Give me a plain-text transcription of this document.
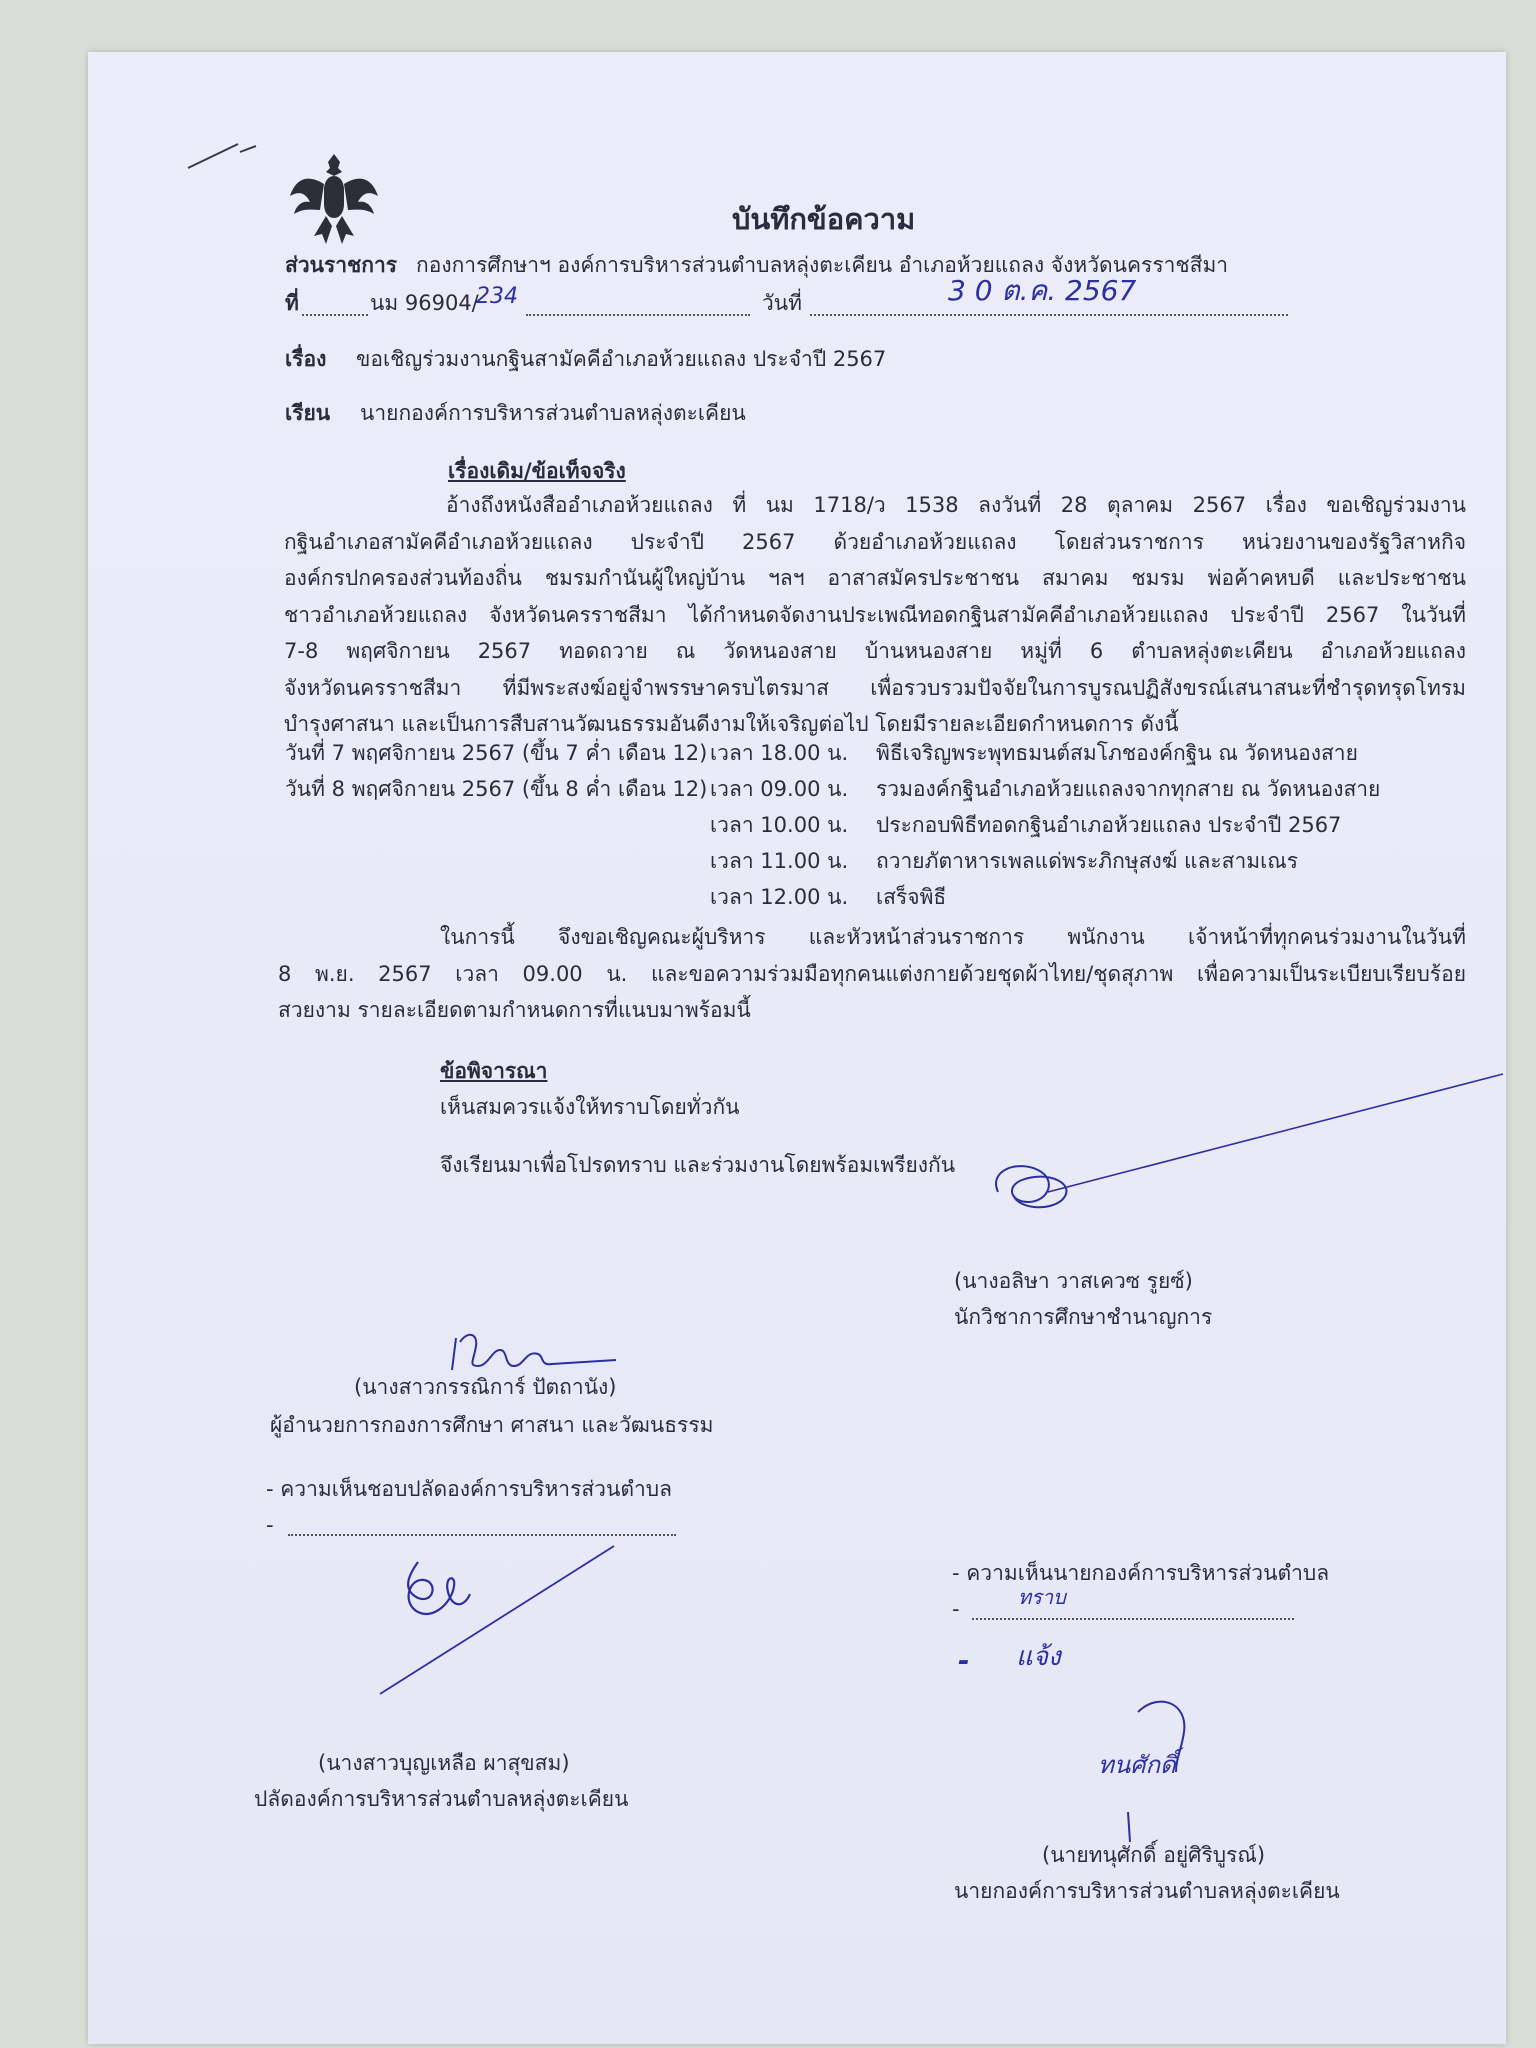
บันทึกข้อความ
ส่วนราชการ กองการศึกษาฯ องค์การบริหารส่วนตำบลหลุ่งตะเคียน อำเภอห้วยแถลง จังหวัดนครราชสีมา
ที่	นม 96904/
234	วันที่	3 0 ต.ค. 2567
เรื่อง ขอเชิญร่วมงานกฐินสามัคคีอำเภอห้วยแถลง ประจำปี 2567
เรียน นายกองค์การบริหารส่วนตำบลหลุ่งตะเคียน
เรื่องเดิม/ข้อเท็จจริง
อ้างถึงหนังสืออำเภอห้วยแถลง ที่ นม 1718/ว 1538 ลงวันที่ 28 ตุลาคม 2567 เรื่อง ขอเชิญร่วมงาน
กฐินอำเภอสามัคคีอำเภอห้วยแถลง ประจำปี 2567 ด้วยอำเภอห้วยแถลง โดยส่วนราชการ หน่วยงานของรัฐวิสาหกิจ
องค์กรปกครองส่วนท้องถิ่น ชมรมกำนันผู้ใหญ่บ้าน ฯลฯ อาสาสมัครประชาชน สมาคม ชมรม พ่อค้าคหบดี และประชาชน
ชาวอำเภอห้วยแถลง จังหวัดนครราชสีมา ได้กำหนดจัดงานประเพณีทอดกฐินสามัคคีอำเภอห้วยแถลง ประจำปี 2567 ในวันที่
7-8 พฤศจิกายน 2567 ทอดถวาย ณ วัดหนองสาย บ้านหนองสาย หมู่ที่ 6 ตำบลหลุ่งตะเคียน อำเภอห้วยแถลง
จังหวัดนครราชสีมา ที่มีพระสงฆ์อยู่จำพรรษาครบไตรมาส เพื่อรวบรวมปัจจัยในการบูรณปฏิสังขรณ์เสนาสนะที่ชำรุดทรุดโทรม
บำรุงศาสนา และเป็นการสืบสานวัฒนธรรมอันดีงามให้เจริญต่อไป โดยมีรายละเอียดกำหนดการ ดังนี้
วันที่ 7 พฤศจิกายน 2567 (ขึ้น 7 ค่ำ เดือน 12) เวลา 18.00 น. พิธีเจริญพระพุทธมนต์สมโภชองค์กฐิน ณ วัดหนองสาย
วันที่ 8 พฤศจิกายน 2567 (ขึ้น 8 ค่ำ เดือน 12) เวลา 09.00 น. รวมองค์กฐินอำเภอห้วยแถลงจากทุกสาย ณ วัดหนองสาย
เวลา 10.00 น. ประกอบพิธีทอดกฐินอำเภอห้วยแถลง ประจำปี 2567
เวลา 11.00 น. ถวายภัตาหารเพลแด่พระภิกษุสงฆ์ และสามเณร
เวลา 12.00 น. เสร็จพิธี
ในการนี้ จึงขอเชิญคณะผู้บริหาร และหัวหน้าส่วนราชการ พนักงาน เจ้าหน้าที่ทุกคนร่วมงานในวันที่
8 พ.ย. 2567 เวลา 09.00 น. และขอความร่วมมือทุกคนแต่งกายด้วยชุดผ้าไทย/ชุดสุภาพ เพื่อความเป็นระเบียบเรียบร้อย
สวยงาม รายละเอียดตามกำหนดการที่แนบมาพร้อมนี้
ข้อพิจารณา
เห็นสมควรแจ้งให้ทราบโดยทั่วกัน
จึงเรียนมาเพื่อโปรดทราบ และร่วมงานโดยพร้อมเพรียงกัน
(นางอลิษา วาสเควซ รูยซ์)
นักวิชาการศึกษาชำนาญการ
(นางสาวกรรณิการ์ ปัตถานัง)
ผู้อำนวยการกองการศึกษา ศาสนา และวัฒนธรรม
- ความเห็นชอบปลัดองค์การบริหารส่วนตำบล
-
(นางสาวบุญเหลือ ผาสุขสม)
ปลัดองค์การบริหารส่วนตำบลหลุ่งตะเคียน
- ความเห็นนายกองค์การบริหารส่วนตำบล
-	ทราบ
- แจ้ง
ทนศักดิ์
(นายทนุศักดิ์ อยู่ศิริบูรณ์)
นายกองค์การบริหารส่วนตำบลหลุ่งตะเคียน
